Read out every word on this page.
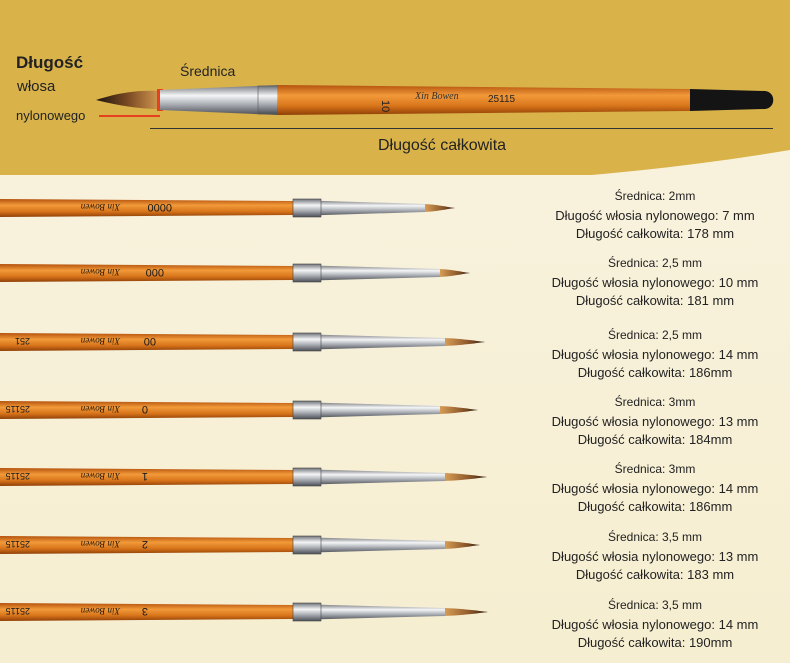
Długość
włosa
nylonowego
Średnica
Długość całkowita
10
Xin Bowen	25115
Xin Bowen	0000
Xin Bowen 000
Xin Bowen 00
251
Xin Bowen 0
25115
Xin Bowen 1
25115
Xin Bowen 2
25115
Xin Bowen 3
25115
Średnica: 2mm
Długość włosia nylonowego: 7 mm
Długość całkowita: 178 mm
Średnica: 2,5 mm
Długość włosia nylonowego: 10 mm
Długość całkowita: 181 mm
Średnica: 2,5 mm
Długość włosia nylonowego: 14 mm
Długość całkowita: 186mm
Średnica: 3mm
Długość włosia nylonowego: 13 mm
Długość całkowita: 184mm
Średnica: 3mm
Długość włosia nylonowego: 14 mm
Długość całkowita: 186mm
Średnica: 3,5 mm
Długość włosia nylonowego: 13 mm
Długość całkowita: 183 mm
Średnica: 3,5 mm
Długość włosia nylonowego: 14 mm
Długość całkowita: 190mm
